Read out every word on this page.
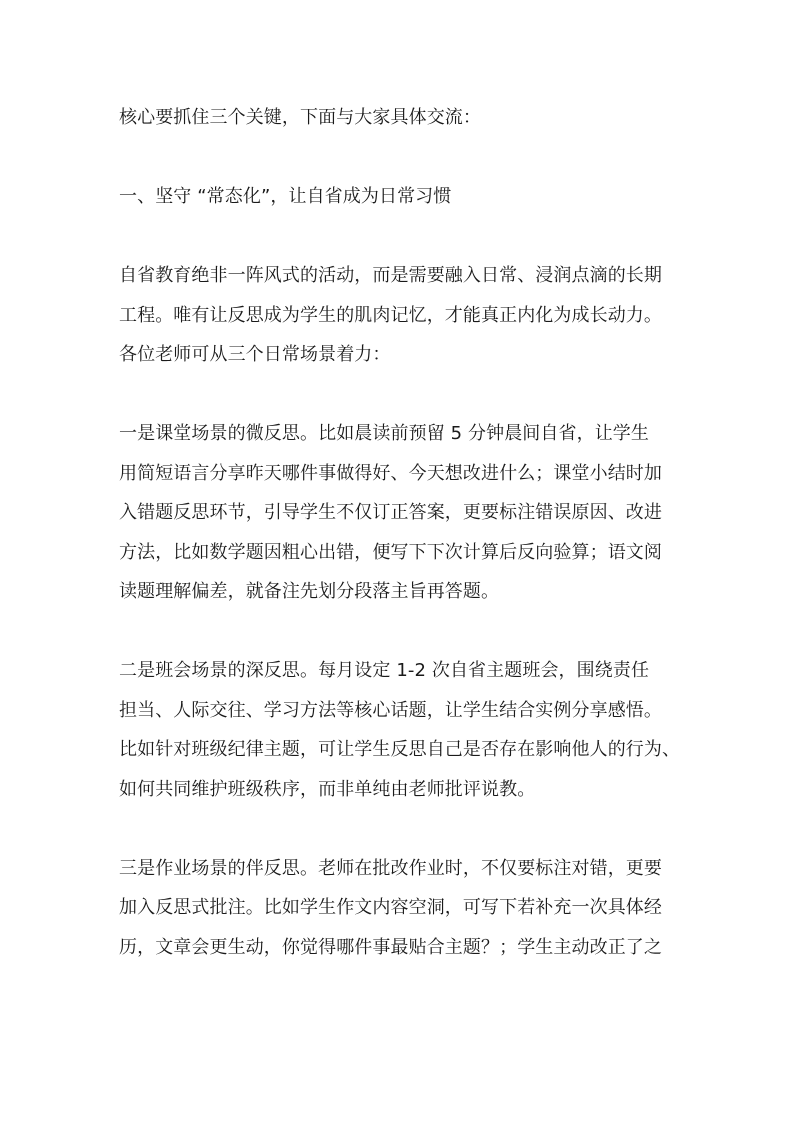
核心要抓住三个关键，下面与大家具体交流：
一、坚守 “常态化”，让自省成为日常习惯
自省教育绝非一阵风式的活动，而是需要融入日常、浸润点滴的长期
工程。唯有让反思成为学生的肌肉记忆，才能真正内化为成长动力。
各位老师可从三个日常场景着力：
一是课堂场景的微反思。比如晨读前预留 5 分钟晨间自省，让学生
用简短语言分享昨天哪件事做得好、今天想改进什么；课堂小结时加
入错题反思环节，引导学生不仅订正答案，更要标注错误原因、改进
方法，比如数学题因粗心出错，便写下下次计算后反向验算；语文阅
读题理解偏差，就备注先划分段落主旨再答题。
二是班会场景的深反思。每月设定 1-2 次自省主题班会，围绕责任
担当、人际交往、学习方法等核心话题，让学生结合实例分享感悟。
比如针对班级纪律主题，可让学生反思自己是否存在影响他人的行为、
如何共同维护班级秩序，而非单纯由老师批评说教。
三是作业场景的伴反思。老师在批改作业时，不仅要标注对错，更要
加入反思式批注。比如学生作文内容空洞，可写下若补充一次具体经
历，文章会更生动，你觉得哪件事最贴合主题？；学生主动改正了之
